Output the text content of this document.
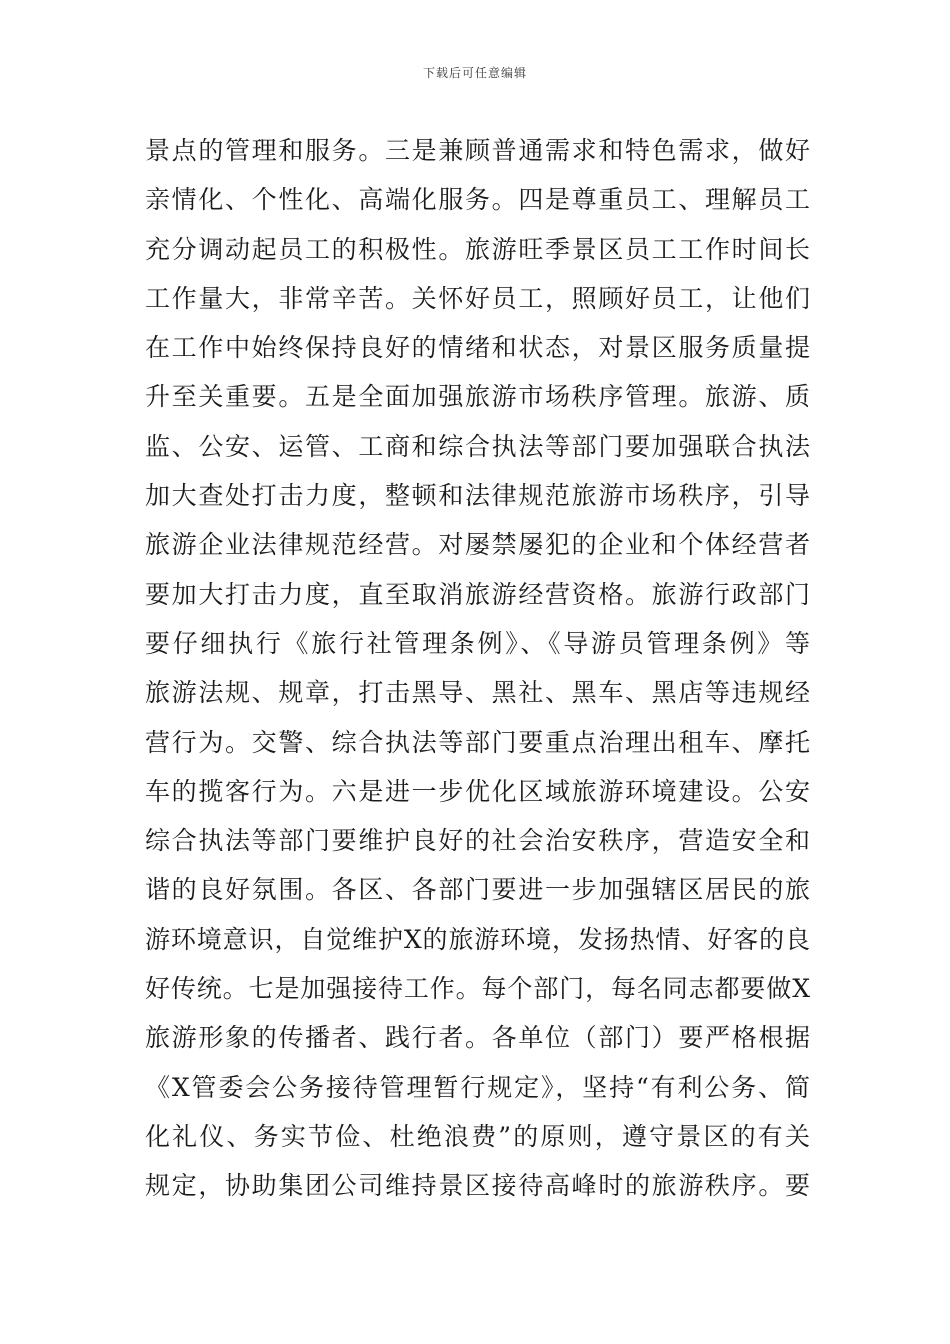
下载后可任意编辑
景点的管理和服务。三是兼顾普通需求和特色需求，做好
亲情化、个性化、高端化服务。四是尊重员工、理解员工
充分调动起员工的积极性。旅游旺季景区员工工作时间长
工作量大，非常辛苦。关怀好员工，照顾好员工，让他们
在工作中始终保持良好的情绪和状态，对景区服务质量提
升至关重要。五是全面加强旅游市场秩序管理。旅游、质
监、公安、运管、工商和综合执法等部门要加强联合执法
加大查处打击力度，整顿和法律规范旅游市场秩序，引导
旅游企业法律规范经营。对屡禁屡犯的企业和个体经营者
要加大打击力度，直至取消旅游经营资格。旅游行政部门
要仔细执行《旅行社管理条例》、《导游员管理条例》等
旅游法规、规章，打击黑导、黑社、黑车、黑店等违规经
营行为。交警、综合执法等部门要重点治理出租车、摩托
车的揽客行为。六是进一步优化区域旅游环境建设。公安
综合执法等部门要维护良好的社会治安秩序，营造安全和
谐的良好氛围。各区、各部门要进一步加强辖区居民的旅
游环境意识，自觉维护X的旅游环境，发扬热情、好客的良
好传统。七是加强接待工作。每个部门，每名同志都要做X
旅游形象的传播者、践行者。各单位（部门）要严格根据
《X管委会公务接待管理暂行规定》，坚持“有利公务、简
化礼仪、务实节俭、杜绝浪费”的原则，遵守景区的有关
规定，协助集团公司维持景区接待高峰时的旅游秩序。要
